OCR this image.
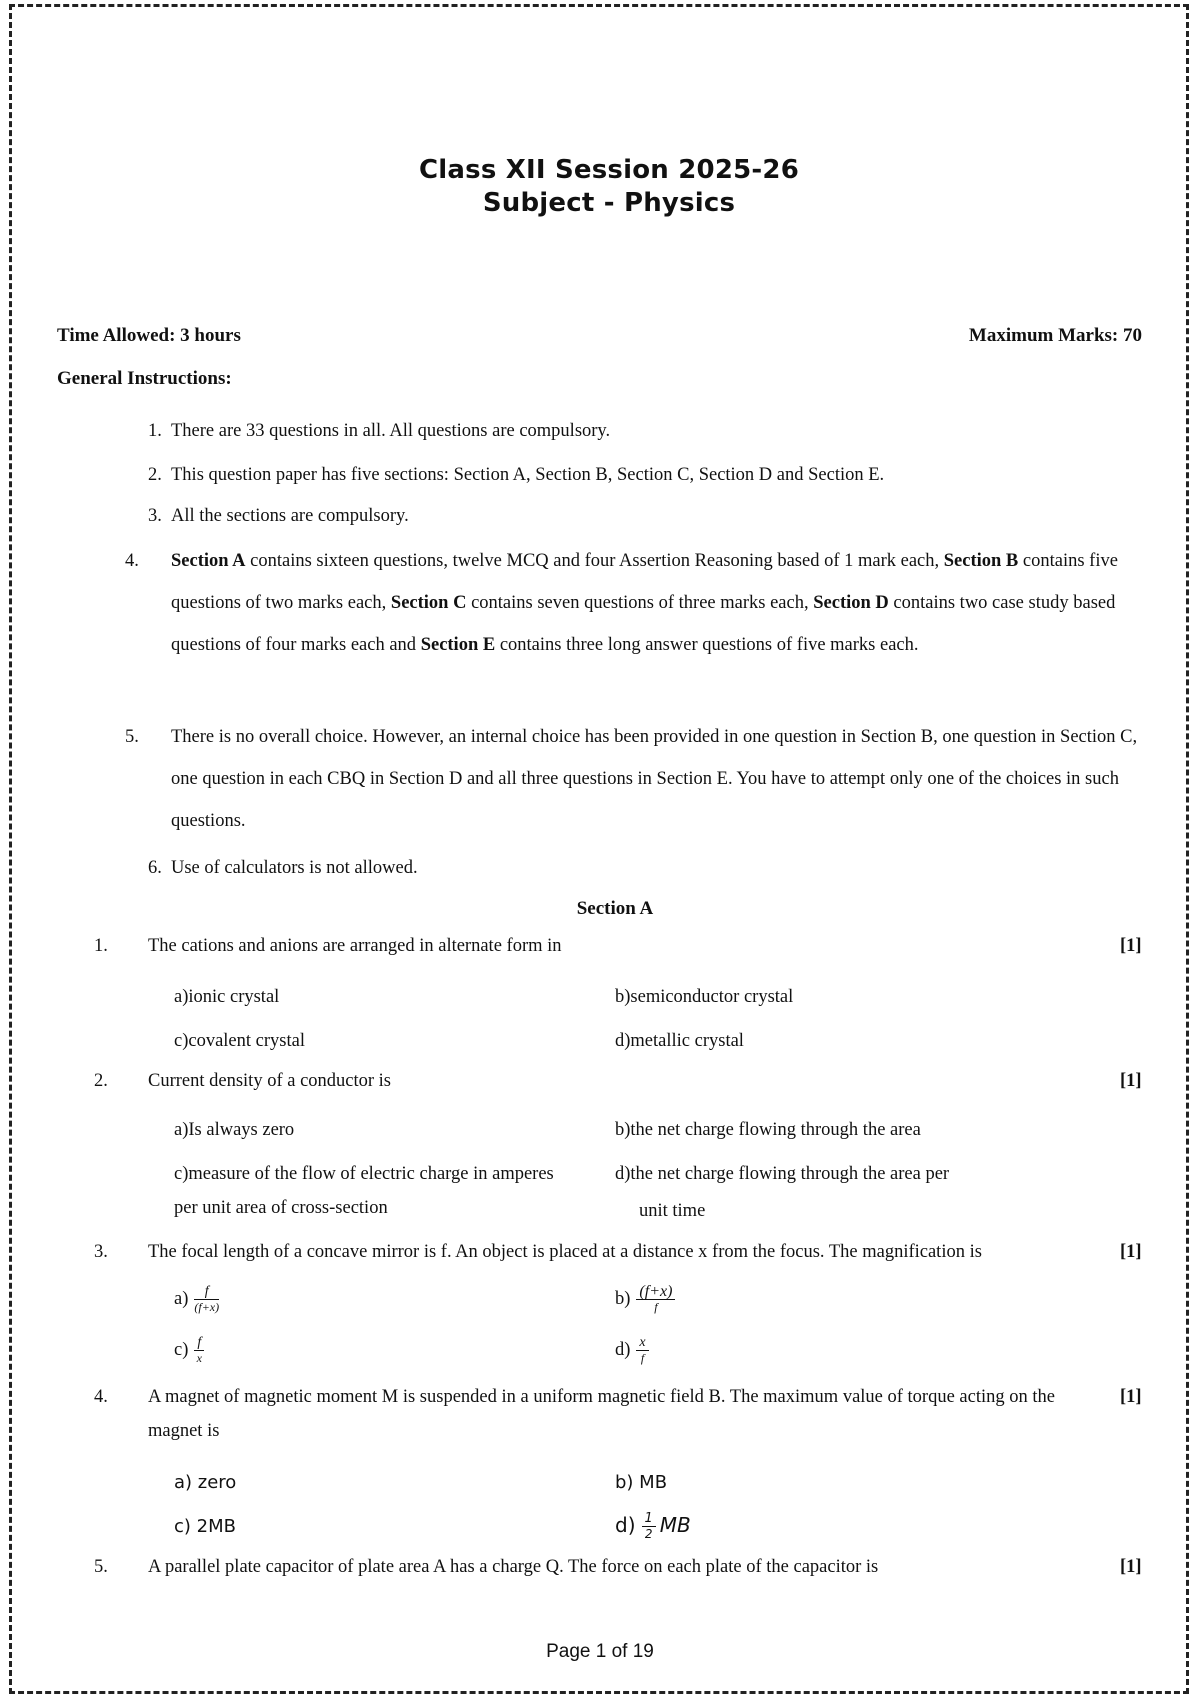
Class XII Session 2025-26
Subject - Physics
Time Allowed: 3 hours	Maximum Marks: 70
General Instructions:
1. There are 33 questions in all. All questions are compulsory.
2. This question paper has five sections: Section A, Section B, Section C, Section D and Section E.
3. All the sections are compulsory.
4. Section A contains sixteen questions, twelve MCQ and four Assertion Reasoning based of 1 mark each, Section B contains five questions of two marks each, Section C contains seven questions of three marks each, Section D contains two case study based questions of four marks each and Section E contains three long answer questions of five marks each.
5. There is no overall choice. However, an internal choice has been provided in one question in Section B, one question in Section C, one question in each CBQ in Section D and all three questions in Section E. You have to attempt only one of the choices in such questions.
6. Use of calculators is not allowed.
Section A
1. The cations and anions are arranged in alternate form in	[1]
a)ionic crystal	b)semiconductor crystal
c)covalent crystal	d)metallic crystal
2. Current density of a conductor is	[1]
a)Is always zero	b)the net charge flowing through the area
c)measure of the flow of electric charge in amperes per unit area of cross-section
d)the net charge flowing through the area per
unit time
3. The focal length of a concave mirror is f. An object is placed at a distance x from the focus. The magnification is	[1]
$a) \frac{f}{(f+x)}$	$b) \frac{(f+x)}{f}$
$c) \frac{f}{x}$	$d) \frac{x}{f}$
4. A magnet of magnetic moment M is suspended in a uniform magnetic field B. The maximum value of torque acting on the magnet is
[1]
a) zero	b) MB
c) 2MB	$d) \frac{1}{2}$ MB
5. A parallel plate capacitor of plate area A has a charge Q. The force on each plate of the capacitor is	[1]
Page 1 of 19
